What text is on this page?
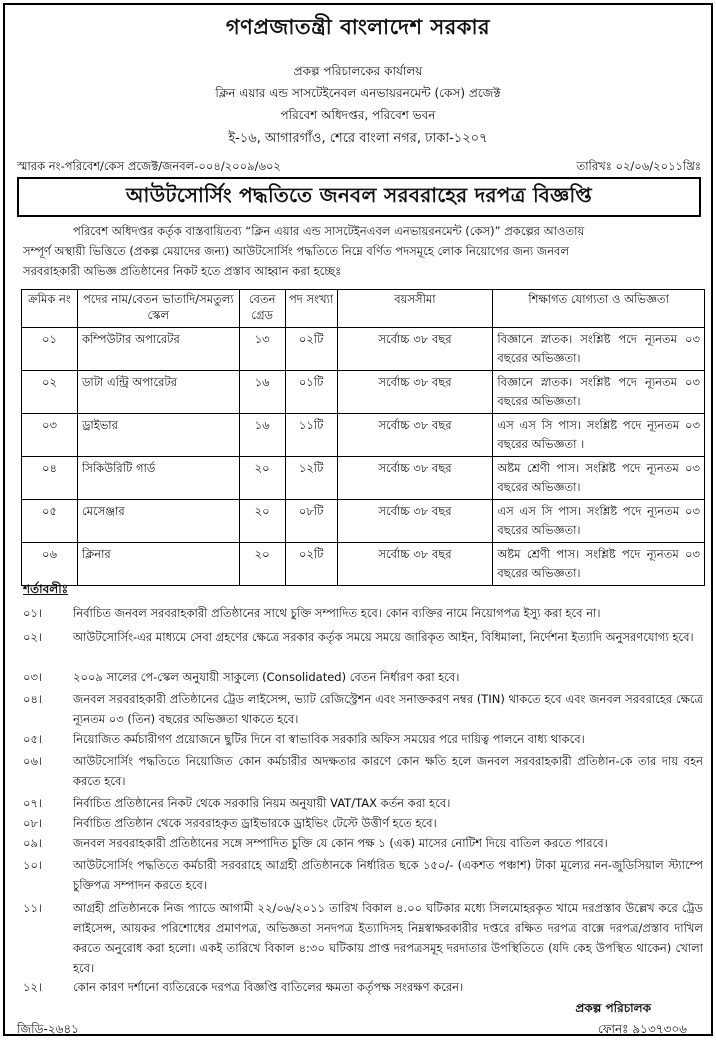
গণপ্রজাতন্ত্রী বাংলাদেশ সরকার
প্রকল্প পরিচালকের কার্যালয়
ক্লিন এয়ার এন্ড সাসটেইনেবল এনভায়রনমেন্ট (কেস) প্রজেক্ট
পরিবেশ অধিদপ্তর, পরিবেশ ভবন
ই-১৬, আগারগাঁও, শেরে বাংলা নগর, ঢাকা-১২০৭
স্মারক নং-পরিবেশ/কেস প্রজেক্ট/জনবল-০০৪/২০০৯/৬০২	তারিখঃ ০২/০৬/২০১১খ্রিঃ
আউটসোর্সিং পদ্ধতিতে জনবল সরবরাহের দরপত্র বিজ্ঞপ্তি
পরিবেশ অধিদপ্তর কর্তৃক বাস্তবায়িতব্য “ক্লিন এয়ার এন্ড সাসটেইনএবল এনভায়রনমেন্ট (কেস)” প্রকল্পের আওতায়
সম্পূর্ণ অস্থায়ী ভিত্তিতে (প্রকল্প মেয়াদের জন্য) আউটসোর্সিং পদ্ধতিতে নিম্নে বর্ণিত পদসমূহে লোক নিয়োগের জন্য জনবল
সরবরাহকারী অভিজ্ঞ প্রতিষ্ঠানের নিকট হতে প্রস্তাব আহ্বান করা হচ্ছেঃ
ক্রমিক নং	পদের নাম/বেতন ভাতাদি/সমতুল্য স্কেল	বেতন গ্রেড	পদ সংখ্যা	বয়সসীমা	শিক্ষাগত যোগ্যতা ও অভিজ্ঞতা
০১	কম্পিউটার অপারেটর	১৩	০২টি	সর্বোচ্চ ৩৮ বছর	বিজ্ঞানে স্নাতক। সংশ্লিষ্ট পদে ন্যূনতম ০৩ বছরের অভিজ্ঞতা।
০২	ডাটা এন্ট্রি অপারেটর	১৬	০১টি	সর্বোচ্চ ৩৮ বছর	বিজ্ঞানে স্নাতক। সংশ্লিষ্ট পদে ন্যূনতম ০৩ বছরের অভিজ্ঞতা।
০৩	ড্রাইভার	১৬	১১টি	সর্বোচ্চ ৩৮ বছর	এস এস সি পাস। সংশ্লিষ্ট পদে ন্যূনতম ০৩ বছরের অভিজ্ঞতা ।
০৪	সিকিউরিটি গার্ড	২০	১২টি	সর্বোচ্চ ৩৮ বছর	অষ্টম শ্রেণী পাস। সংশ্লিষ্ট পদে ন্যূনতম ০৩ বছরের অভিজ্ঞতা।
০৫	মেসেঞ্জার	২০	০৮টি	সর্বোচ্চ ৩৮ বছর	এস এস সি পাস। সংশ্লিষ্ট পদে ন্যূনতম ০৩ বছরের অভিজ্ঞতা।
০৬	ক্লিনার	২০	০২টি	সর্বোচ্চ ৩৮ বছর	অষ্টম শ্রেণী পাস। সংশ্লিষ্ট পদে ন্যূনতম ০৩ বছরের অভিজ্ঞতা।
শর্তাবলীঃ
০১।	নির্বাচিত জনবল সরবরাহকারী প্রতিষ্ঠানের সাথে চুক্তি সম্পাদিত হবে। কোন ব্যক্তির নামে নিয়োগপত্র ইস্যু করা হবে না।
০২।	আউটসোর্সিং-এর মাধ্যমে সেবা গ্রহণের ক্ষেত্রে সরকার কর্তৃক সময়ে সময়ে জারিকৃত আইন, বিধিমালা, নির্দেশনা ইত্যাদি অনুসরণযোগ্য হবে।
০৩।	২০০৯ সালের পে-স্কেল অনুযায়ী সাকুল্যে (Consolidated) বেতন নির্ধারণ করা হবে।
০৪।	জনবল সরবরাহকারী প্রতিষ্ঠানের ট্রেড লাইসেন্স, ভ্যাট রেজিস্ট্রেশন এবং সনাক্তকরণ নম্বর (TIN) থাকতে হবে এবং জনবল সরবরাহের ক্ষেত্রে ন্যূনতম ০৩ (তিন) বছরের অভিজ্ঞতা থাকতে হবে।
০৫।	নিয়োজিত কর্মচারীগণ প্রয়োজনে ছুটির দিনে বা স্বাভাবিক সরকারি অফিস সময়ের পরে দায়িত্ব পালনে বাধ্য থাকবে।
০৬।	আউটসোর্সিং পদ্ধতিতে নিয়োজিত কোন কর্মচারীর অদক্ষতার কারণে কোন ক্ষতি হলে জনবল সরবরাহকারী প্রতিষ্ঠান-কে তার দায় বহন করতে হবে।
০৭।	নির্বাচিত প্রতিষ্ঠানের নিকট থেকে সরকারি নিয়ম অনুযায়ী VAT/TAX কর্তন করা হবে।
০৮।	নির্বাচিত প্রতিষ্ঠান থেকে সরবরাহকৃত ড্রাইভারকে ড্রাইভিং টেস্টে উত্তীর্ণ হতে হবে।
০৯।	জনবল সরবরাহকারী প্রতিষ্ঠানের সঙ্গে সম্পাদিত চুক্তি যে কোন পক্ষ ১ (এক) মাসের নোটিশ দিয়ে বাতিল করতে পারবে।
১০।	আউটসোর্সিং পদ্ধতিতে কর্মচারী সরবরাহে আগ্রহী প্রতিষ্ঠানকে নির্ধারিত ছকে ১৫০/- (একশত পঞ্চাশ) টাকা মূল্যের নন-জুডিসিয়াল স্ট্যাম্পে চুক্তিপত্র সম্পাদন করতে হবে।
১১।	আগ্রহী প্রতিষ্ঠানকে নিজ প্যাডে আগামী ২২/০৬/২০১১ তারিখ বিকাল ৪.০০ ঘটিকার মধ্যে সিলমোহরকৃত খামে দরপ্রস্তাব উল্লেখ করে ট্রেড লাইসেন্স, আয়কর পরিশোধের প্রমাণপত্র, অভিজ্ঞতা সনদপত্র ইত্যাদিসহ নিম্নস্বাক্ষরকারীর দপ্তরে রক্ষিত দরপত্র বাক্সে দরপত্র/প্রস্তাব দাখিল করতে অনুরোধ করা হলো। একই তারিখে বিকাল ৪:৩০ ঘটিকায় প্রাপ্ত দরপত্রসমূহ দরদাতার উপস্থিতিতে (যদি কেহ উপস্থিত থাকেন) খোলা হবে।
১২।	কোন কারণ দর্শানো ব্যতিরেকে দরপত্র বিজ্ঞপ্তি বাতিলের ক্ষমতা কর্তৃপক্ষ সংরক্ষণ করেন।
প্রকল্প পরিচালক
জিডি-২৬৪১	ফোনঃ ৯১৩৭৩০৬
